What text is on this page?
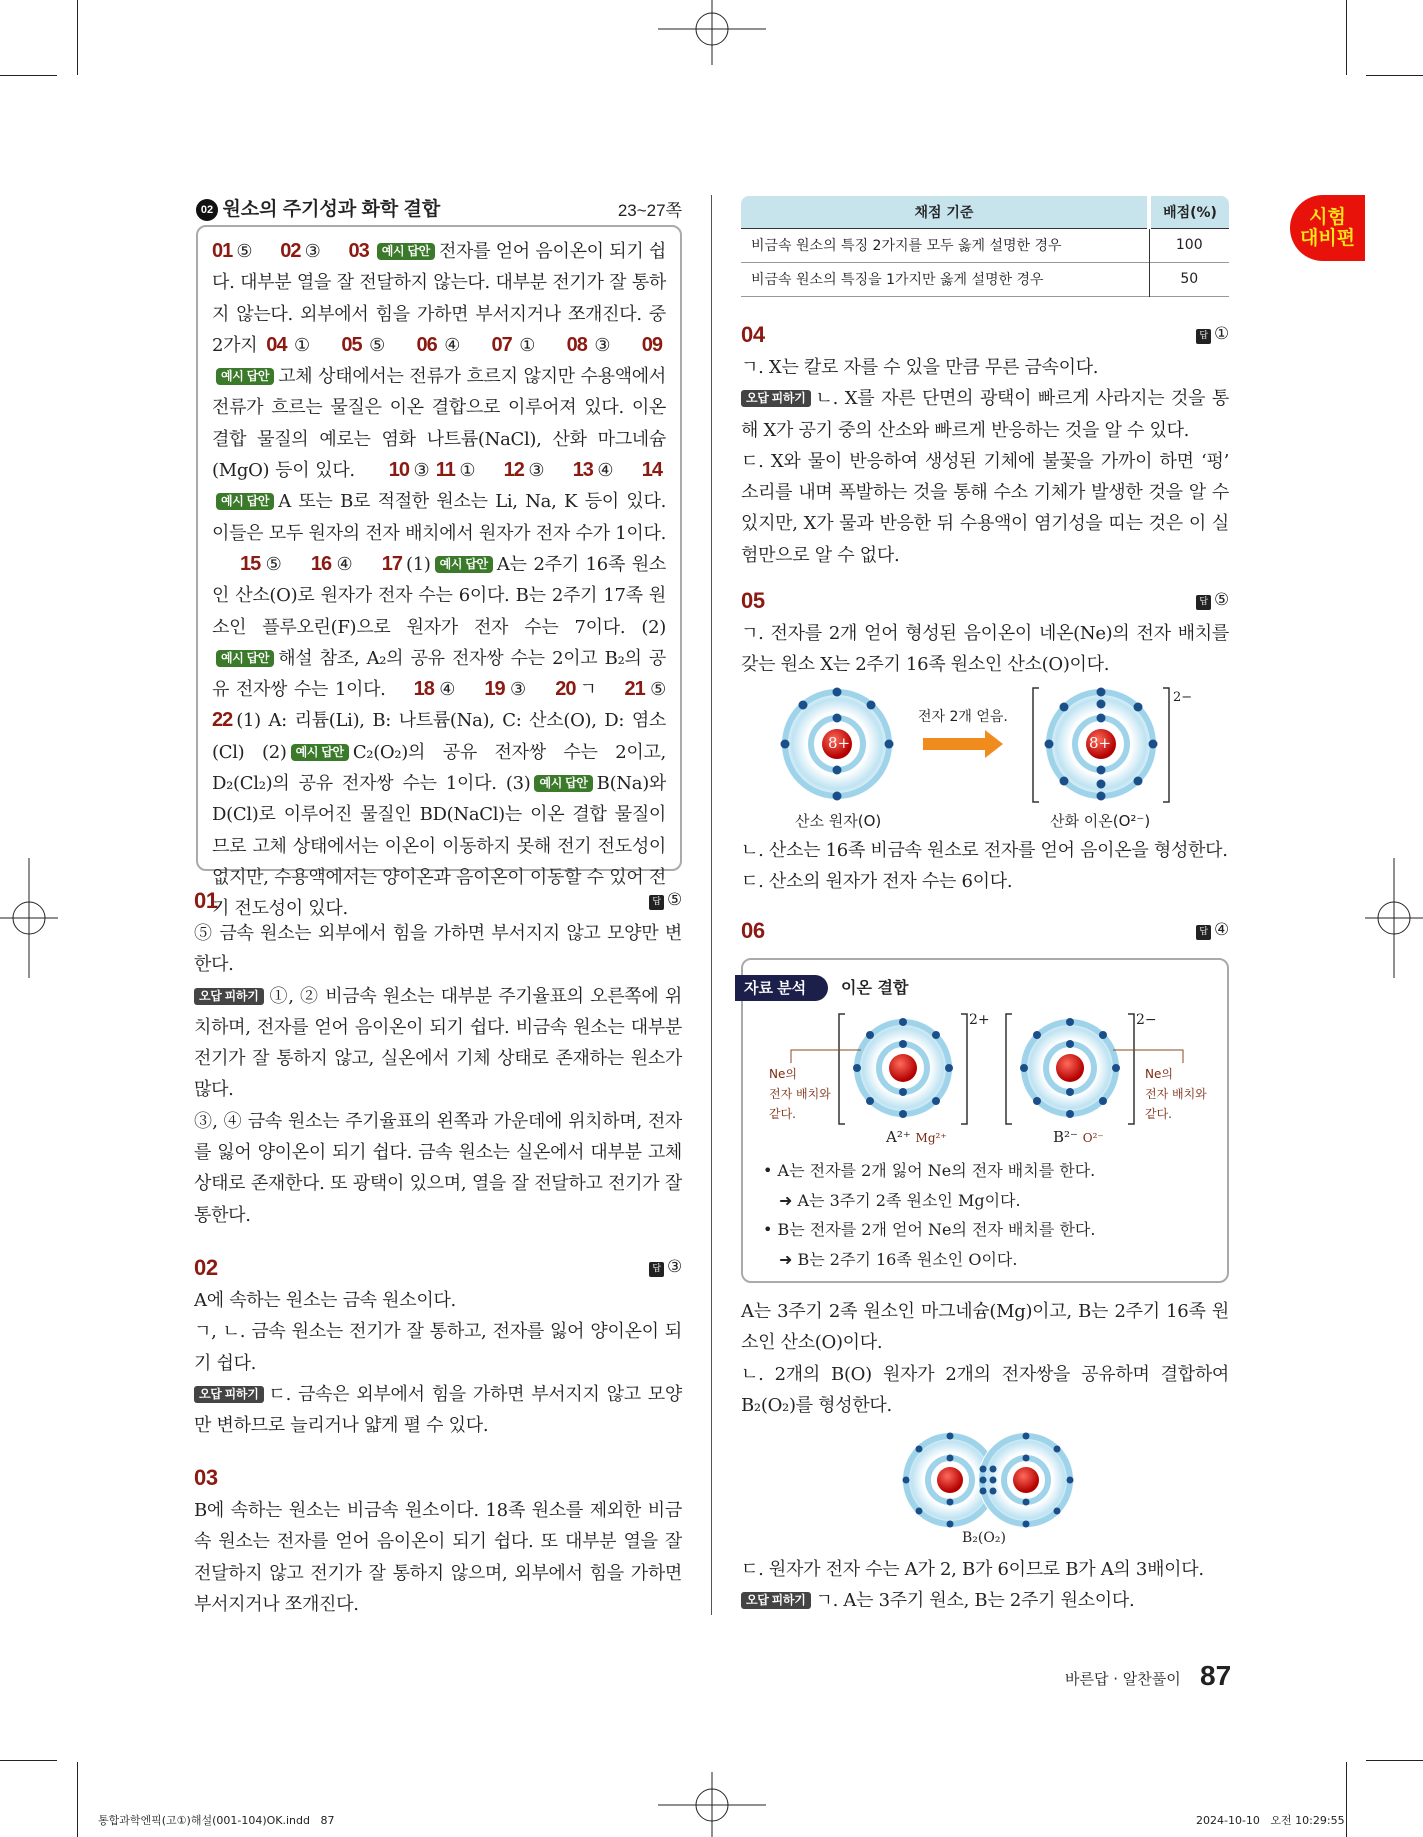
시험
대비편
02 원소의 주기성과 화학 결합	23~27쪽

01 ⑤ 02 ③ 03 예시 답안 전자를 얻어 음이온이 되기 쉽다. 대부분 열을 잘 전달하지 않는다. 대부분 전기가 잘 통하지 않는다. 외부에서 힘을 가하면 부서지거나 쪼개진다. 중 2가지 04 ① 05 ⑤ 06 ④ 07 ① 08 ③ 09예시 답안 고체 상태에서는 전류가 흐르지 않지만 수용액에서 전류가 흐르는 물질은 이온 결합으로 이루어져 있다. 이온 결합 물질의 예로는 염화 나트륨(NaCl), 산화 마그네슘(MgO) 등이 있다. 10 ③ 11 ① 12 ③ 13 ④ 14예시 답안 A 또는 B로 적절한 원소는 Li, Na, K 등이 있다. 이들은 모두 원자의 전자 배치에서 원자가 전자 수가 1이다.15 ⑤ 16 ④ 17 (1) 예시 답안 A는 2주기 16족 원소인 산소(O)로 원자가 전자 수는 6이다. B는 2주기 17족 원소인 플루오린(F)으로 원자가 전자 수는 7이다. (2)예시 답안 해설 참조, A₂의 공유 전자쌍 수는 2이고 B₂의 공유 전자쌍 수는 1이다. 18 ④ 19 ③ 20 ㄱ 21 ⑤ 22 (1) A: 리튬(Li), B: 나트륨(Na), C: 산소(O), D: 염소(Cl) (2) 예시 답안 C₂(O₂)의 공유 전자쌍 수는 2이고, D₂(Cl₂)의 공유 전자쌍 수는 1이다. (3) 예시 답안 B(Na)와 D(Cl)로 이루어진 물질인 BD(NaCl)는 이온 결합 물질이므로 고체 상태에서는 이온이 이동하지 못해 전기 전도성이 없지만, 수용액에서는 양이온과 음이온이 이동할 수 있어 전기 전도성이 있다.

01	답 ⑤

⑤ 금속 원소는 외부에서 힘을 가하면 부서지지 않고 모양만 변한다.

오답 피하기 ①, ② 비금속 원소는 대부분 주기율표의 오른쪽에 위치하며, 전자를 얻어 음이온이 되기 쉽다. 비금속 원소는 대부분 전기가 잘 통하지 않고, 실온에서 기체 상태로 존재하는 원소가 많다.

③, ④ 금속 원소는 주기율표의 왼쪽과 가운데에 위치하며, 전자를 잃어 양이온이 되기 쉽다. 금속 원소는 실온에서 대부분 고체 상태로 존재한다. 또 광택이 있으며, 열을 잘 전달하고 전기가 잘 통한다.

02	답 ③

A에 속하는 원소는 금속 원소이다.

ㄱ, ㄴ. 금속 원소는 전기가 잘 통하고, 전자를 잃어 양이온이 되기 쉽다.

오답 피하기 ㄷ. 금속은 외부에서 힘을 가하면 부서지지 않고 모양만 변하므로 늘리거나 얇게 펼 수 있다.

03

B에 속하는 원소는 비금속 원소이다. 18족 원소를 제외한 비금속 원소는 전자를 얻어 음이온이 되기 쉽다. 또 대부분 열을 잘 전달하지 않고 전기가 잘 통하지 않으며, 외부에서 힘을 가하면 부서지거나 쪼개진다.

채점 기준	배점(%)
비금속 원소의 특징 2가지를 모두 옳게 설명한 경우	100
비금속 원소의 특징을 1가지만 옳게 설명한 경우	50
04	답 ①

ㄱ. X는 칼로 자를 수 있을 만큼 무른 금속이다.

오답 피하기 ㄴ. X를 자른 단면의 광택이 빠르게 사라지는 것을 통해 X가 공기 중의 산소와 빠르게 반응하는 것을 알 수 있다.

ㄷ. X와 물이 반응하여 생성된 기체에 불꽃을 가까이 하면 ‘펑’ 소리를 내며 폭발하는 것을 통해 수소 기체가 발생한 것을 알 수 있지만, X가 물과 반응한 뒤 수용액이 염기성을 띠는 것은 이 실험만으로 알 수 없다.

05	답 ⑤

ㄱ. 전자를 2개 얻어 형성된 음이온이 네온(Ne)의 전자 배치를 갖는 원소 X는 2주기 16족 원소인 산소(O)이다.

8+	8+
전자 2개 얻음.
2−
산소 원자(O)	산화 이온(O²⁻)

ㄴ. 산소는 16족 비금속 원소로 전자를 얻어 음이온을 형성한다.

ㄷ. 산소의 원자가 전자 수는 6이다.

06	답 ④
자료 분석	이온 결합
Ne의
전자 배치와
같다.
Ne의
전자 배치와
같다.
2+	2−
A²⁺ Mg²⁺	B²⁻ O²⁻
• A는 전자를 2개 잃어 Ne의 전자 배치를 한다.
➜ A는 3주기 2족 원소인 Mg이다.
• B는 전자를 2개 얻어 Ne의 전자 배치를 한다.
➜ B는 2주기 16족 원소인 O이다.

A는 3주기 2족 원소인 마그네슘(Mg)이고, B는 2주기 16족 원소인 산소(O)이다.

ㄴ. 2개의 B(O) 원자가 2개의 전자쌍을 공유하며 결합하여 B₂(O₂)를 형성한다.

B₂(O₂)

ㄷ. 원자가 전자 수는 A가 2, B가 6이므로 B가 A의 3배이다.

오답 피하기 ㄱ. A는 3주기 원소, B는 2주기 원소이다.

바른답 · 알찬풀이 87
통합과학엔픽(고①)해설(001-104)OK.indd   87	2024-10-10   오전 10:29:55
